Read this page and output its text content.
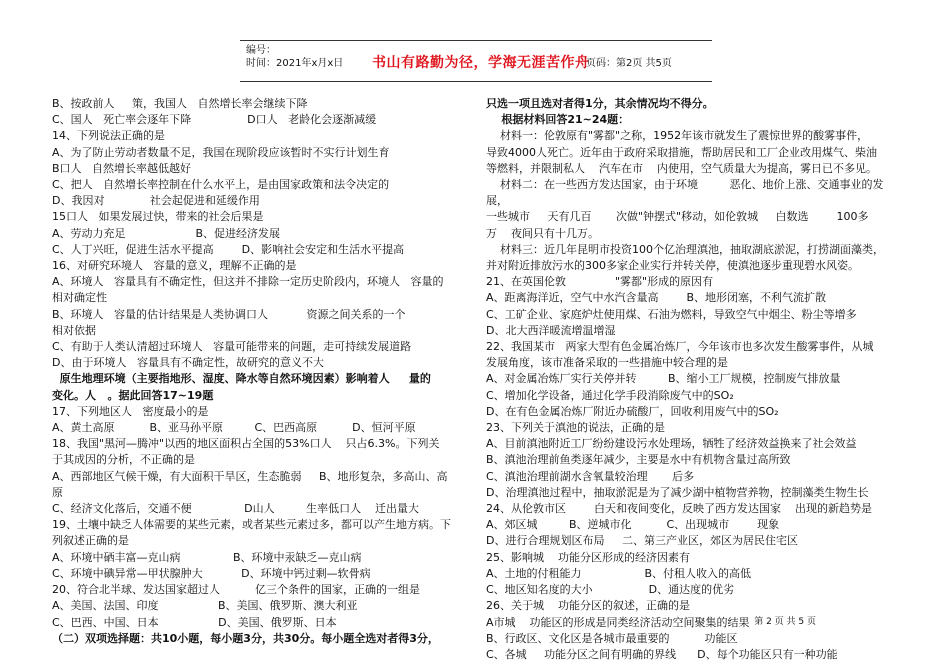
编号：
时间：2021年x月x日 书山有路勤为径，学海无涯苦作舟
页码：第2页 共5页
B、按政前人     策，我国人   自然增长率会继续下降
C、国人   死亡率会逐年下降                D口人   老龄化会逐渐减缓
14、下列说法正确的是
A、为了防止劳动者数量不足，我国在现阶段应该暂时不实行计划生育
B口人   自然增长率越低越好
C、把人   自然增长率控制在什么水平上，是由国家政策和法令决定的
D、我因对             社会起促进和延缓作用
15口人   如果发展过快，带来的社会后果是
A、劳动力充足                    B、促进经济发展
C、人丁兴旺，促进生活水平提高        D、影响社会安定和生活水平提高
16、对研究环境人   容量的意义，理解不正确的是
A、环境人   容量具有不确定性，但这并不排除一定历史阶段内，环境人   容量的
相对确定性
B、环境人   容量的估计结果是人类协调口人           资源之间关系的一个
相对依据
C、有助于人类认清超过环境人   容量可能带来的问题，走可持续发展道路
D、由于环境人   容量具有不确定性，故研究的意义不大
原生地理环境（主要指地形、湿度、降水等自然环境因素）影响着人     量的
变化。人   。据此回答17~19题
17、下列地区人   密度最小的是
A、黄土高原          B、亚马孙平原         C、巴西高原          D、恒河平原
18、我国"黑河—腾冲"以西的地区面积占全国的53%口人    只占6.3%。下列关
于其成因的分析，不正确的是
A、西部地区气候干燥，有大面积干旱区，生态脆弱     B、地形复杂，多高山、高
原
C、经济文化落后，交通不便               D山人         生率低口人    迁出量大
19、土壤中缺乏人体需要的某些元素，或者某些元素过多，都可以产生地方病。下
列叙述正确的是
A、环境中硒丰富—克山病               B、环境中汞缺乏—克山病
C、环境中碘异常—甲状腺肿大           D、环境中钙过剩—软骨病
20、符合北半球、发达国家超过人          亿三个条件的国家，正确的一组是
A、美国、法国、印度                 B、美国、俄罗斯、澳大利亚
C、巴西、中国、日本                 D、美国、俄罗斯、日本
（二）双项选择题：共10小题，每小题3分，共30分。每小题全选对者得3分，
只选一项且选对者得1分，其余情况均不得分。
根据材料回答21~24题：
材料一：伦敦原有"雾都"之称，1952年该市就发生了震惊世界的酸雾事件，
导致4000人死亡。近年由于政府采取措施，帮助居民和工厂企业改用煤气、柴油
等燃料，并限制私人    汽车在市    内使用，空气质量大为提高，雾日已不多见。
材料二：在一些西方发达国家，由于环境         恶化、地价上涨、交通事业的发展，
一些城市     天有几百       次做"钟摆式"移动，如伦敦城     白数选        100多
万    夜间只有十几万。
材料三：近几年昆明市投资100个亿治理滇池，抽取湖底淤泥，打捞湖面藻类，
并对附近排放污水的300多家企业实行并转关停，使滇池逐步重现碧水风姿。
21、在英国伦敦              "雾都"形成的原因有
A、距离海洋近，空气中水汽含量高        B、地形闭塞，不利气流扩散
C、工矿企业、家庭炉灶使用煤、石油为燃料，导致空气中烟尘、粉尘等增多
D、北大西洋暖流增温增湿
22、我国某市   两家大型有色金属冶炼厂，今年该市也多次发生酸雾事件，从城
发展角度，该市准备采取的一些措施中较合理的是
A、对金属冶炼厂实行关停并转         B、缩小工厂规模，控制废气排放量
C、增加化学设备，通过化学手段消除废气中的SO₂
D、在有色金属冶炼厂附近办硫酸厂，回收利用废气中的SO₂
23、下列关于滇池的说法，正确的是
A、目前滇池附近工厂纷纷建设污水处理场，牺牲了经济效益换来了社会效益
B、滇池治理前鱼类逐年减少，主要是水中有机物含量过高所致
C、滇池治理前湖水含氧量较治理       后多
D、治理滇池过程中，抽取淤泥是为了减少湖中植物营养物，控制藻类生物生长
24、从伦敦市区        白天和夜间变化，反映了西方发达国家    出现的新趋势是
A、郊区城         B、逆城市化          C、出现城市        现象
D、进行合理规划区布局     二、第三产业区，郊区为居民住宅区
25、影响城    功能分区形成的经济因素有
A、土地的付租能力                  B、付租人收入的高低
C、地区知名度的大小                D、通达度的优劣
26、关于城    功能分区的叙述，正确的是
A市城    功能区的形成是同类经济活动空间聚集的结果
B、行政区、文化区是各城市最重要的          功能区
C、各城     功能分区之间有明确的界线      D、每个功能区只有一种功能
第 2 页 共 5 页
